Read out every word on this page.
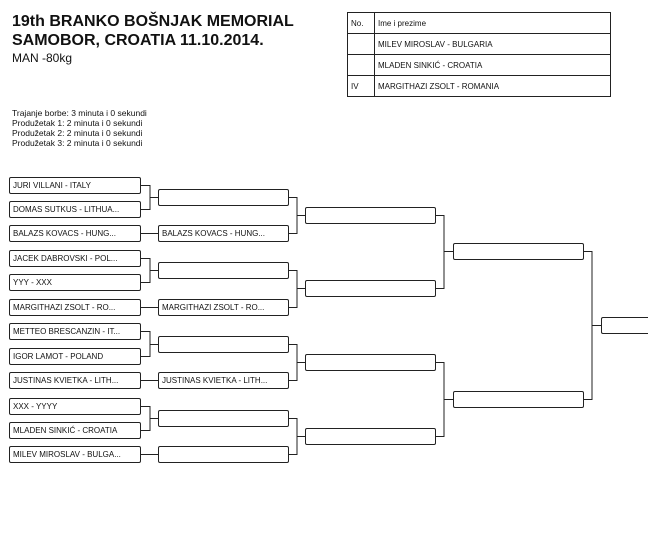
19th BRANKO BOŠNJAK MEMORIAL
SAMOBOR, CROATIA 11.10.2014.
MAN -80kg
Trajanje borbe: 3 minuta i 0 sekundi
Produžetak 1: 2 minuta i 0 sekundi
Produžetak 2: 2 minuta i 0 sekundi
Produžetak 3: 2 minuta i 0 sekundi
No.	Ime i prezime
	MILEV MIROSLAV - BULGARIA
	MLADEN SINKIĆ - CROATIA
IV	MARGITHAZI ZSOLT - ROMANIA
JURI VILLANI - ITALY
DOMAS SUTKUS - LITHUA...
BALAZS KOVACS - HUNG...
JACEK DABROVSKI - POL...
YYY - XXX
MARGITHAZI ZSOLT - RO...
METTEO BRESCANZIN - IT...
IGOR LAMOT - POLAND
JUSTINAS KVIETKA - LITH...
XXX - YYYY
MLADEN SINKIĆ - CROATIA
MILEV MIROSLAV - BULGA...
BALAZS KOVACS - HUNG...
MARGITHAZI ZSOLT - RO...
JUSTINAS KVIETKA - LITH...
